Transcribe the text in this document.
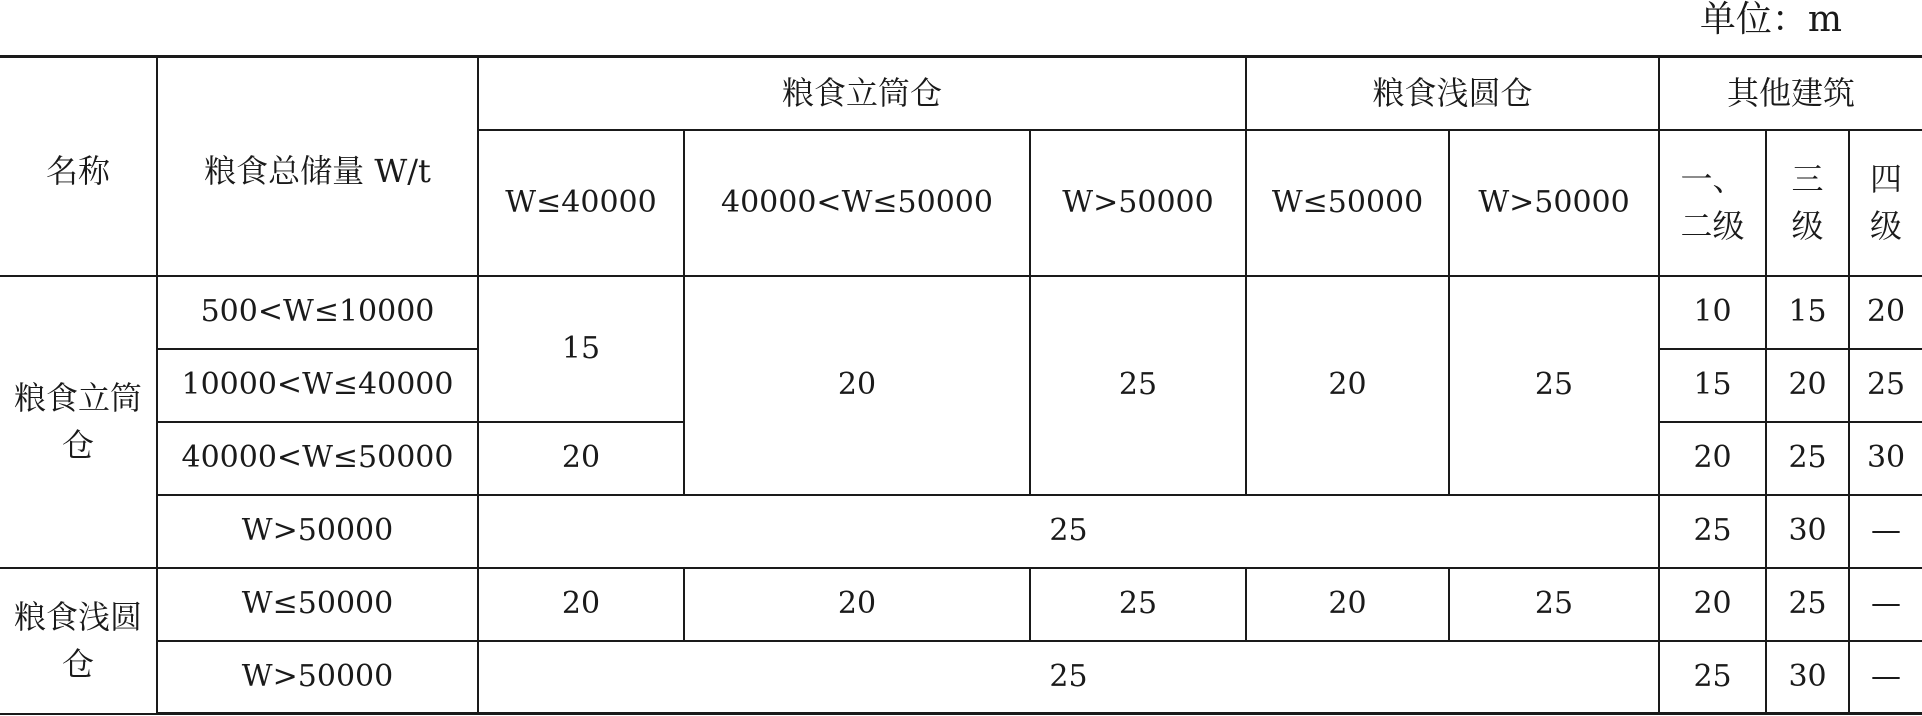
单位：m
名称	粮食总储量 W/t	粮食立筒仓			粮食浅圆仓		其他建筑		
		W≤40000	40000<W≤50000	W>50000	W≤50000	W>50000	一、二级	三级	四级
粮食立筒仓	500<W≤10000	15	20	25	20	25	10	15	20
	10000<W≤40000						15	20	25
	40000<W≤50000	20					20	25	30
	W>50000	25					25	30	—
粮食浅圆仓	W≤50000	20	20	25	20	25	20	25	—
	W>50000	25					25	30	—
